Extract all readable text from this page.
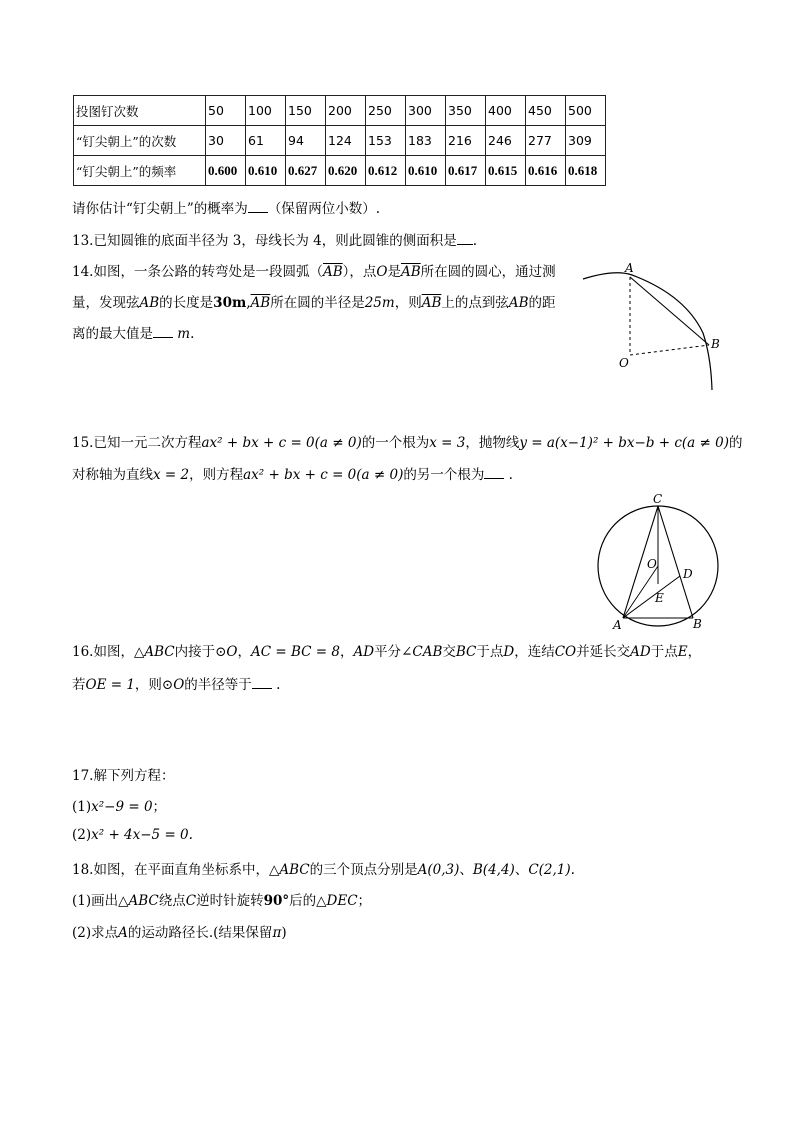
投图钉次数	50	100	150	200	250	300	350	400	450	500
“钉尖朝上”的次数	30	61	94	124	153	183	216	246	277	309
“钉尖朝上”的频率	0.600	0.610	0.627	0.620	0.612	0.610	0.617	0.615	0.616	0.618
请你估计“钉尖朝上”的概率为 （保留两位小数）.
13.已知圆锥的底面半径为 3，母线长为 4，则此圆锥的侧面积是 .
14.如图，一条公路的转弯处是一段圆弧$(\overline{AB})$，点O是$\overline{AB}$所在圆的圆心，通过测
量，发现弦AB的长度是$30m,\overline{AB}$所在圆的半径是25m，则$\overline{AB}$上的点到弦AB的距
离的最大值是 m.
A
B
O
15.已知一元二次方程ax² + bx + c = 0(a ≠ 0)的一个根为x = 3，抛物线y = a(x−1)² + bx−b + c(a ≠ 0)的
对称轴为直线x = 2，则方程ax² + bx + c = 0(a ≠ 0)的另一个根为 .
C
O
D
E
A	B
16.如图，△ABC内接于⊙O，AC = BC = 8，AD平分∠CAB交BC于点D，连结CO并延长交AD于点E，
若OE = 1，则⊙O的半径等于 .
17.解下列方程：
(1)x²−9 = 0；
(2)x² + 4x−5 = 0.
18.如图，在平面直角坐标系中，△ABC的三个顶点分别是A(0,3)、B(4,4)、C(2,1).
(1)画出△ABC绕点C逆时针旋转90°后的△DEC；
(2)求点A的运动路径长.(结果保留π)
